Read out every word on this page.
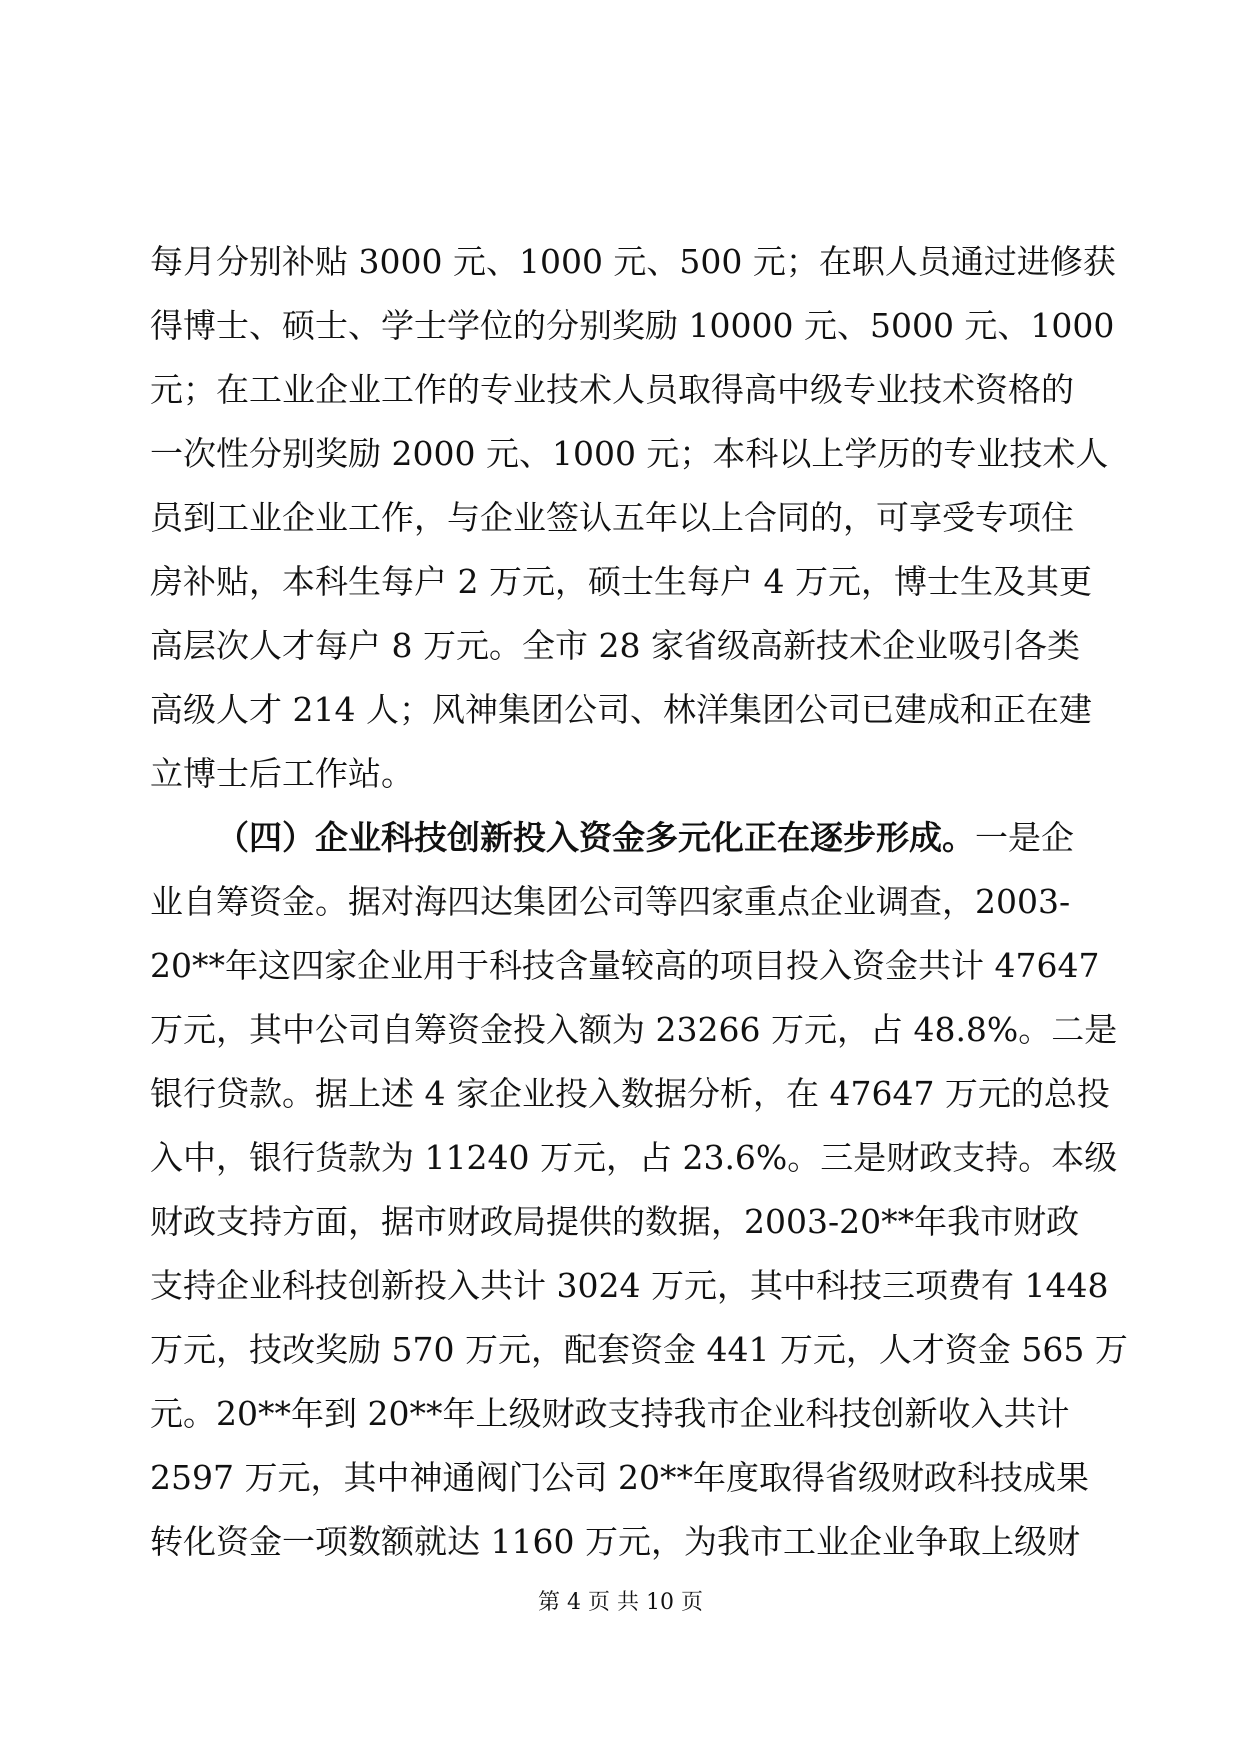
每月分别补贴 3000 元、1000 元、500 元；在职人员通过进修获
得博士、硕士、学士学位的分别奖励 10000 元、5000 元、1000
元；在工业企业工作的专业技术人员取得高中级专业技术资格的
一次性分别奖励 2000 元、1000 元；本科以上学历的专业技术人
员到工业企业工作，与企业签认五年以上合同的，可享受专项住
房补贴，本科生每户 2 万元，硕士生每户 4 万元，博士生及其更
高层次人才每户 8 万元。全市 28 家省级高新技术企业吸引各类
高级人才 214 人；风神集团公司、林洋集团公司已建成和正在建
立博士后工作站。
（四）企业科技创新投入资金多元化正在逐步形成。一是企
业自筹资金。据对海四达集团公司等四家重点企业调查，2003-
20**年这四家企业用于科技含量较高的项目投入资金共计 47647
万元，其中公司自筹资金投入额为 23266 万元，占 48.8%。二是
银行贷款。据上述 4 家企业投入数据分析，在 47647 万元的总投
入中，银行货款为 11240 万元，占 23.6%。三是财政支持。本级
财政支持方面，据市财政局提供的数据，2003-20**年我市财政
支持企业科技创新投入共计 3024 万元，其中科技三项费有 1448
万元，技改奖励 570 万元，配套资金 441 万元，人才资金 565 万
元。20**年到 20**年上级财政支持我市企业科技创新收入共计
2597 万元，其中神通阀门公司 20**年度取得省级财政科技成果
转化资金一项数额就达 1160 万元，为我市工业企业争取上级财
第 4 页 共 10 页
